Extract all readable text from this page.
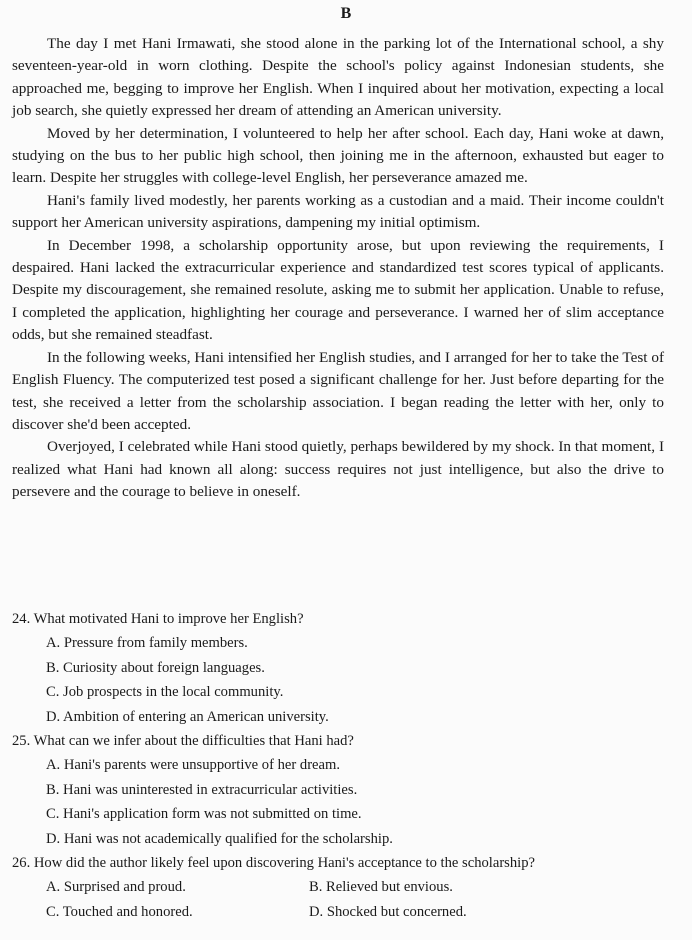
B

The day I met Hani Irmawati, she stood alone in the parking lot of the International school, a shy seventeen-year-old in worn clothing. Despite the school's policy against Indonesian students, she approached me, begging to improve her English. When I inquired about her motivation, expecting a local job search, she quietly expressed her dream of attending an American university.

Moved by her determination, I volunteered to help her after school. Each day, Hani woke at dawn, studying on the bus to her public high school, then joining me in the afternoon, exhausted but eager to learn. Despite her struggles with college-level English, her perseverance amazed me.

Hani's family lived modestly, her parents working as a custodian and a maid. Their income couldn't support her American university aspirations, dampening my initial optimism.

In December 1998, a scholarship opportunity arose, but upon reviewing the requirements, I despaired. Hani lacked the extracurricular experience and standardized test scores typical of applicants. Despite my discouragement, she remained resolute, asking me to submit her application. Unable to refuse, I completed the application, highlighting her courage and perseverance. I warned her of slim acceptance odds, but she remained steadfast.

In the following weeks, Hani intensified her English studies, and I arranged for her to take the Test of English Fluency. The computerized test posed a significant challenge for her. Just before departing for the test, she received a letter from the scholarship association. I began reading the letter with her, only to discover she'd been accepted.

Overjoyed, I celebrated while Hani stood quietly, perhaps bewildered by my shock. In that moment, I realized what Hani had known all along: success requires not just intelligence, but also the drive to persevere and the courage to believe in oneself.

24. What motivated Hani to improve her English?

A. Pressure from family members.
B. Curiosity about foreign languages.
C. Job prospects in the local community.
D. Ambition of entering an American university.

25. What can we infer about the difficulties that Hani had?

A. Hani's parents were unsupportive of her dream.
B. Hani was uninterested in extracurricular activities.
C. Hani's application form was not submitted on time.
D. Hani was not academically qualified for the scholarship.

26. How did the author likely feel upon discovering Hani's acceptance to the scholarship?

A. Surprised and proud.	B. Relieved but envious.
C. Touched and honored.	D. Shocked but concerned.
